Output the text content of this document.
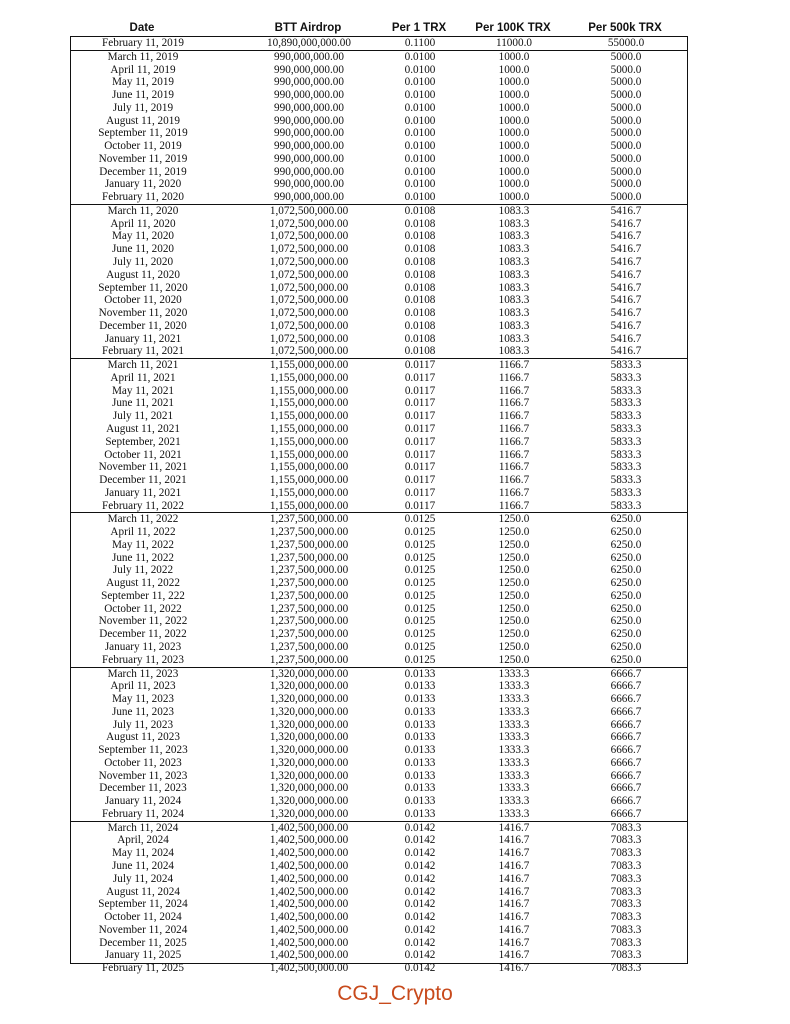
Date	BTT Airdrop	Per 1 TRX	Per 100K TRX	Per 500k TRX
February 11, 2019	10,890,000,000.00	0.1100	11000.0	55000.0
March 11, 2019	990,000,000.00	0.0100	1000.0	5000.0
April 11, 2019	990,000,000.00	0.0100	1000.0	5000.0
May 11, 2019	990,000,000.00	0.0100	1000.0	5000.0
June 11, 2019	990,000,000.00	0.0100	1000.0	5000.0
July 11, 2019	990,000,000.00	0.0100	1000.0	5000.0
August 11, 2019	990,000,000.00	0.0100	1000.0	5000.0
September 11, 2019	990,000,000.00	0.0100	1000.0	5000.0
October 11, 2019	990,000,000.00	0.0100	1000.0	5000.0
November 11, 2019	990,000,000.00	0.0100	1000.0	5000.0
December 11, 2019	990,000,000.00	0.0100	1000.0	5000.0
January 11, 2020	990,000,000.00	0.0100	1000.0	5000.0
February 11, 2020	990,000,000.00	0.0100	1000.0	5000.0
March 11, 2020	1,072,500,000.00	0.0108	1083.3	5416.7
April 11, 2020	1,072,500,000.00	0.0108	1083.3	5416.7
May 11, 2020	1,072,500,000.00	0.0108	1083.3	5416.7
June 11, 2020	1,072,500,000.00	0.0108	1083.3	5416.7
July 11, 2020	1,072,500,000.00	0.0108	1083.3	5416.7
August 11, 2020	1,072,500,000.00	0.0108	1083.3	5416.7
September 11, 2020	1,072,500,000.00	0.0108	1083.3	5416.7
October 11, 2020	1,072,500,000.00	0.0108	1083.3	5416.7
November 11, 2020	1,072,500,000.00	0.0108	1083.3	5416.7
December 11, 2020	1,072,500,000.00	0.0108	1083.3	5416.7
January 11, 2021	1,072,500,000.00	0.0108	1083.3	5416.7
February 11, 2021	1,072,500,000.00	0.0108	1083.3	5416.7
March 11, 2021	1,155,000,000.00	0.0117	1166.7	5833.3
April 11, 2021	1,155,000,000.00	0.0117	1166.7	5833.3
May 11, 2021	1,155,000,000.00	0.0117	1166.7	5833.3
June 11, 2021	1,155,000,000.00	0.0117	1166.7	5833.3
July 11, 2021	1,155,000,000.00	0.0117	1166.7	5833.3
August 11, 2021	1,155,000,000.00	0.0117	1166.7	5833.3
September, 2021	1,155,000,000.00	0.0117	1166.7	5833.3
October 11, 2021	1,155,000,000.00	0.0117	1166.7	5833.3
November 11, 2021	1,155,000,000.00	0.0117	1166.7	5833.3
December 11, 2021	1,155,000,000.00	0.0117	1166.7	5833.3
January 11, 2021	1,155,000,000.00	0.0117	1166.7	5833.3
February 11, 2022	1,155,000,000.00	0.0117	1166.7	5833.3
March 11, 2022	1,237,500,000.00	0.0125	1250.0	6250.0
April 11, 2022	1,237,500,000.00	0.0125	1250.0	6250.0
May 11, 2022	1,237,500,000.00	0.0125	1250.0	6250.0
June 11, 2022	1,237,500,000.00	0.0125	1250.0	6250.0
July 11, 2022	1,237,500,000.00	0.0125	1250.0	6250.0
August 11, 2022	1,237,500,000.00	0.0125	1250.0	6250.0
September 11, 222	1,237,500,000.00	0.0125	1250.0	6250.0
October 11, 2022	1,237,500,000.00	0.0125	1250.0	6250.0
November 11, 2022	1,237,500,000.00	0.0125	1250.0	6250.0
December 11, 2022	1,237,500,000.00	0.0125	1250.0	6250.0
January 11, 2023	1,237,500,000.00	0.0125	1250.0	6250.0
February 11, 2023	1,237,500,000.00	0.0125	1250.0	6250.0
March 11, 2023	1,320,000,000.00	0.0133	1333.3	6666.7
April 11, 2023	1,320,000,000.00	0.0133	1333.3	6666.7
May 11, 2023	1,320,000,000.00	0.0133	1333.3	6666.7
June 11, 2023	1,320,000,000.00	0.0133	1333.3	6666.7
July 11, 2023	1,320,000,000.00	0.0133	1333.3	6666.7
August 11, 2023	1,320,000,000.00	0.0133	1333.3	6666.7
September 11, 2023	1,320,000,000.00	0.0133	1333.3	6666.7
October 11, 2023	1,320,000,000.00	0.0133	1333.3	6666.7
November 11, 2023	1,320,000,000.00	0.0133	1333.3	6666.7
December 11, 2023	1,320,000,000.00	0.0133	1333.3	6666.7
January 11, 2024	1,320,000,000.00	0.0133	1333.3	6666.7
February 11, 2024	1,320,000,000.00	0.0133	1333.3	6666.7
March 11, 2024	1,402,500,000.00	0.0142	1416.7	7083.3
April, 2024	1,402,500,000.00	0.0142	1416.7	7083.3
May 11, 2024	1,402,500,000.00	0.0142	1416.7	7083.3
June 11, 2024	1,402,500,000.00	0.0142	1416.7	7083.3
July 11, 2024	1,402,500,000.00	0.0142	1416.7	7083.3
August 11, 2024	1,402,500,000.00	0.0142	1416.7	7083.3
September 11, 2024	1,402,500,000.00	0.0142	1416.7	7083.3
October 11, 2024	1,402,500,000.00	0.0142	1416.7	7083.3
November 11, 2024	1,402,500,000.00	0.0142	1416.7	7083.3
December 11, 2025	1,402,500,000.00	0.0142	1416.7	7083.3
January 11, 2025	1,402,500,000.00	0.0142	1416.7	7083.3
February 11, 2025	1,402,500,000.00	0.0142	1416.7	7083.3
CGJ_Crypto
